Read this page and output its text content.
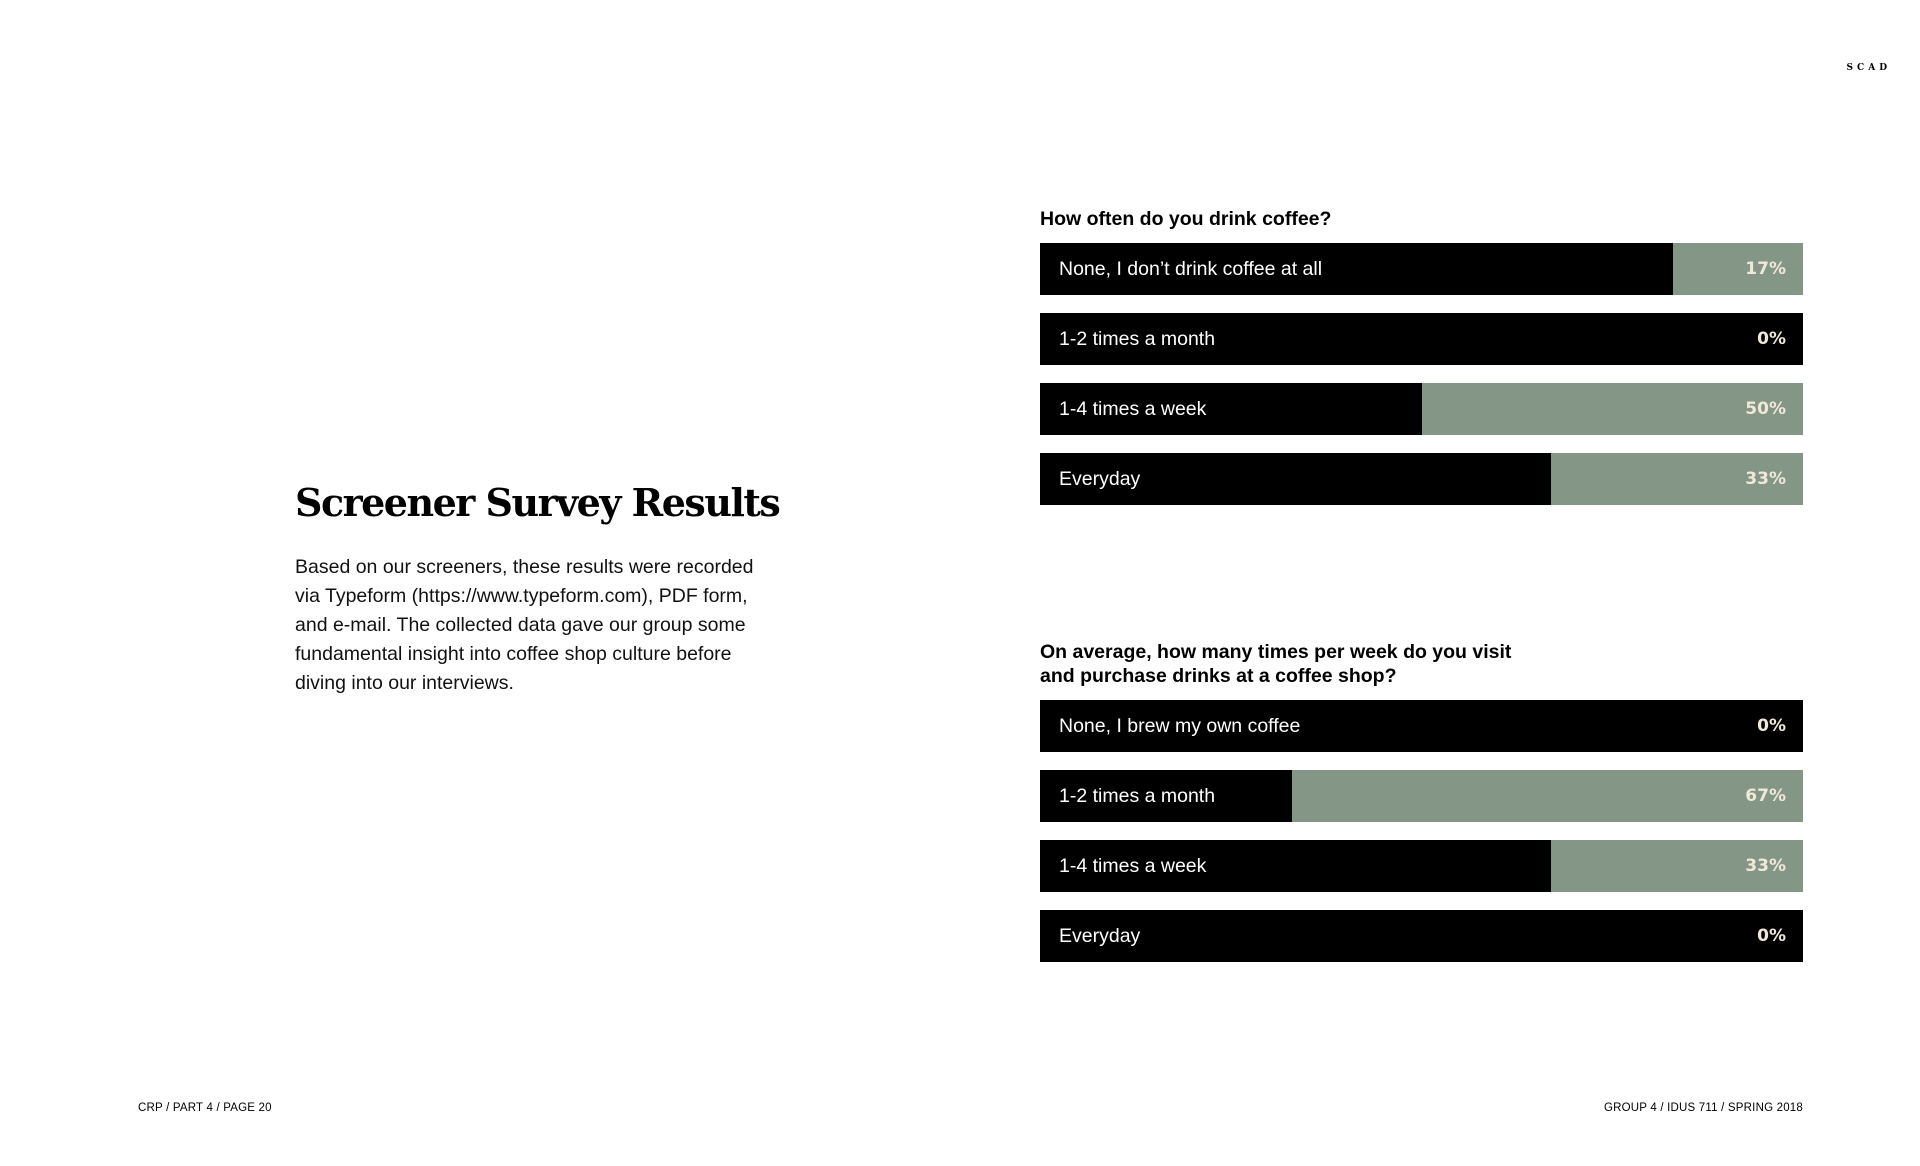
SCAD
Screener Survey Results

Based on our screeners, these results were recorded via Typeform (https://www.typeform.com), PDF form, and e-mail. The collected data gave our group some fundamental insight into coffee shop culture before diving into our interviews.

How often do you drink coffee?

None, I don’t drink coffee at all	17%
1-2 times a month	0%
1-4 times a week	50%
Everyday	33%

On average, how many times per week do you visit and purchase drinks at a coffee shop?

None, I brew my own coffee	0%
1-2 times a month	67%
1-4 times a week	33%
Everyday	0%
CRP / PART 4 / PAGE 20	GROUP 4 / IDUS 711 / SPRING 2018
